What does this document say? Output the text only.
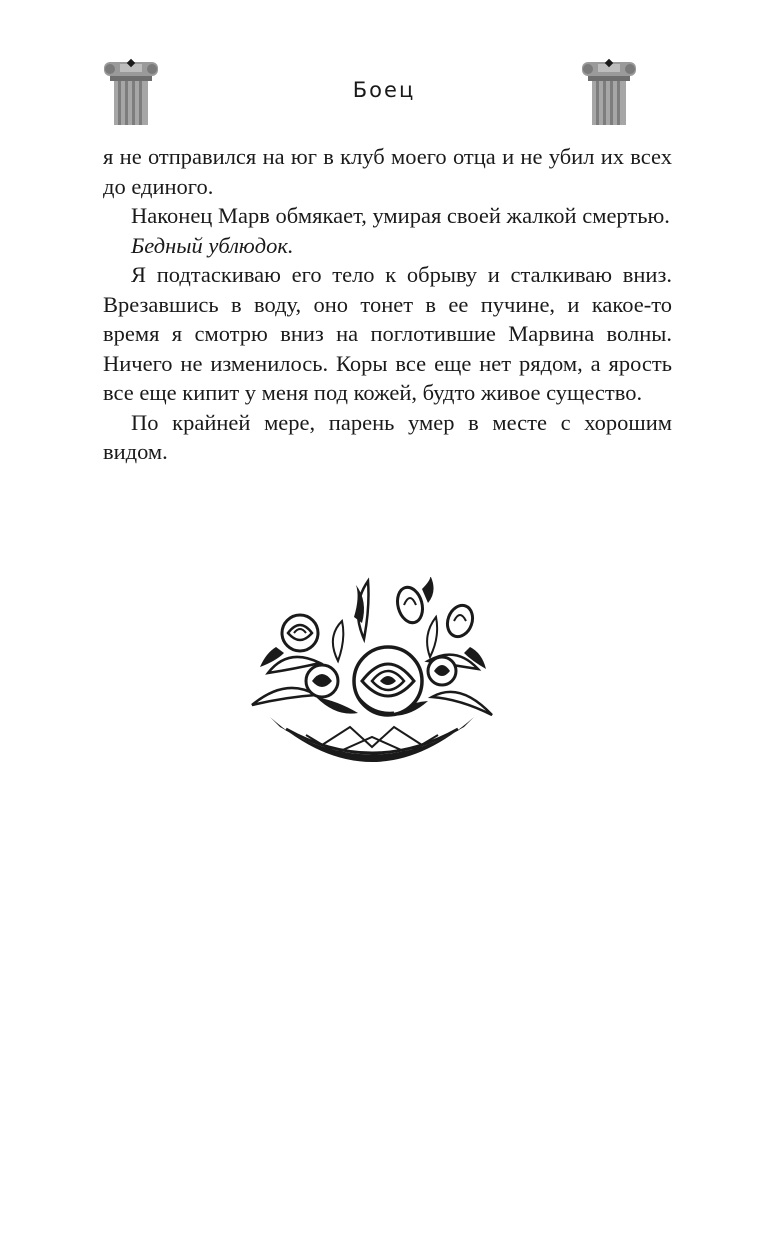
Боец

я не отправился на юг в клуб моего отца и не убил их всех до единого.

Наконец Марв обмякает, умирая своей жалкой смертью.

Бедный ублюдок.

Я подтаскиваю его тело к обрыву и сталкиваю вниз. Врезавшись в воду, оно тонет в ее пучине, и какое-то время я смотрю вниз на поглотившие Марвина волны. Ничего не изменилось. Коры все еще нет рядом, а ярость все еще кипит у меня под кожей, будто живое существо.

По крайней мере, парень умер в месте с хорошим видом.
